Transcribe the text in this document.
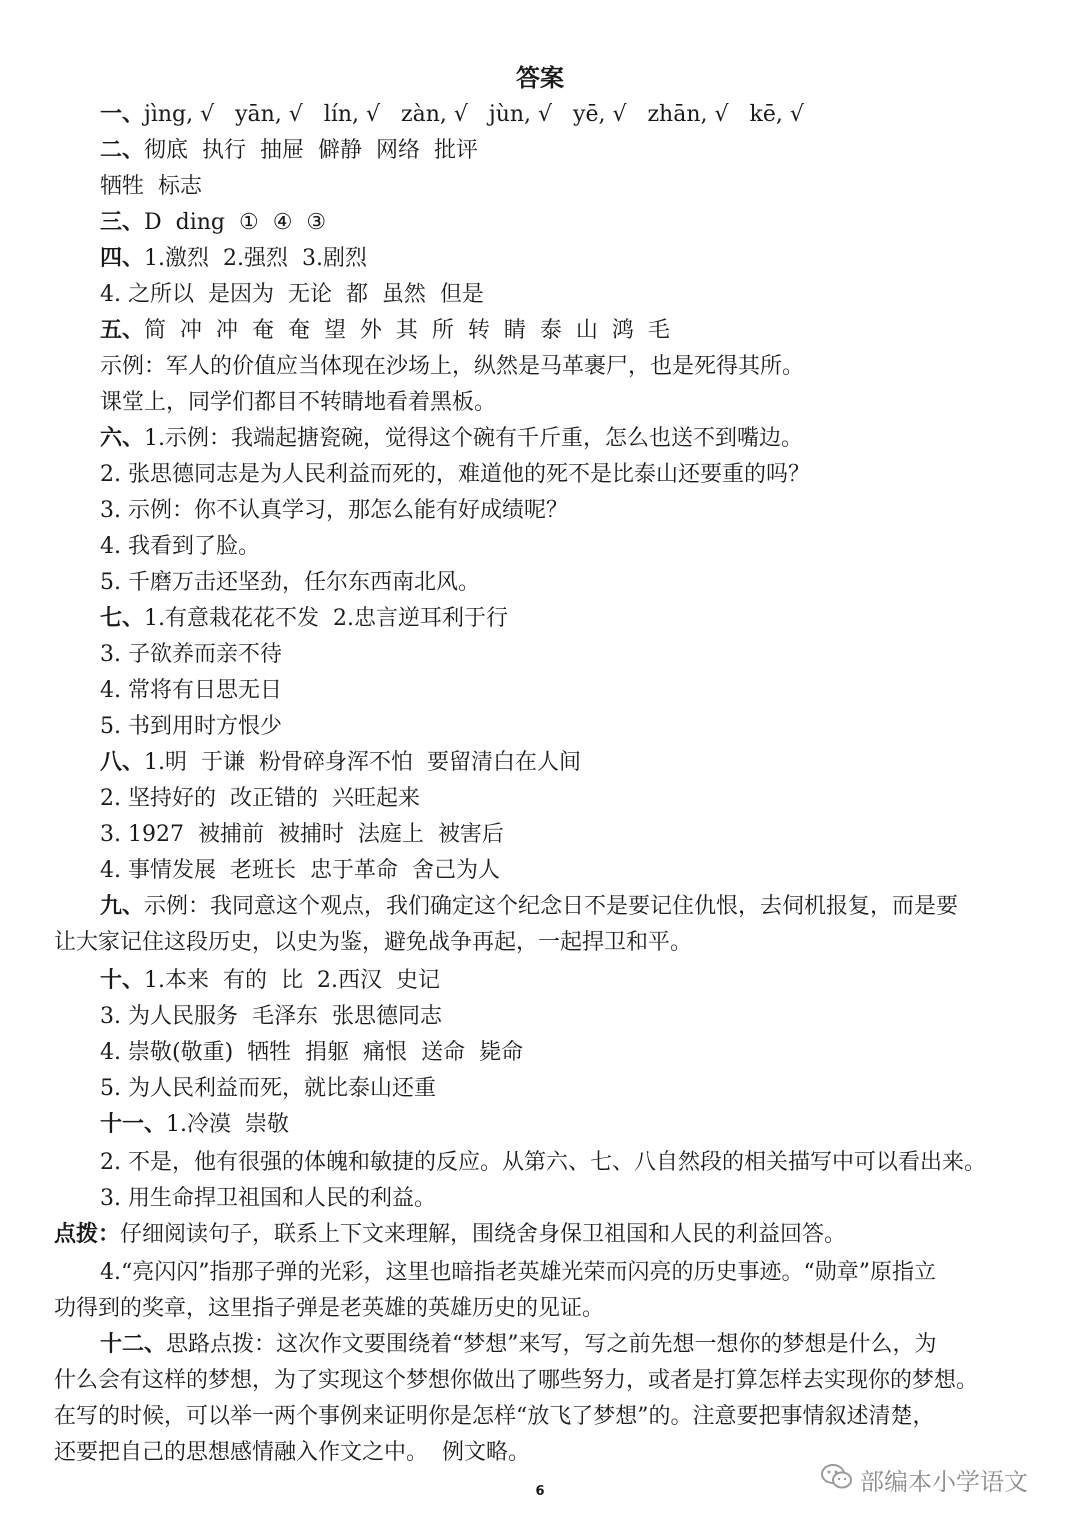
答案
一、jìng, √   yān, √   lín, √   zàn, √   jùn, √   yē, √   zhān, √   kē, √
二、彻底  执行  抽屉  僻静  网络  批评
牺牲  标志
三、D  ding  ①  ④  ③
四、1.激烈  2.强烈  3.剧烈
4. 之所以  是因为  无论  都  虽然  但是
五、简  冲  冲  奄  奄  望  外  其  所  转  睛  泰  山  鸿  毛
示例：军人的价值应当体现在沙场上，纵然是马革裹尸，也是死得其所。
课堂上，同学们都目不转睛地看着黑板。
六、1.示例：我端起搪瓷碗，觉得这个碗有千斤重，怎么也送不到嘴边。
2. 张思德同志是为人民利益而死的，难道他的死不是比泰山还要重的吗？
3. 示例：你不认真学习，那怎么能有好成绩呢？
4. 我看到了脸。
5. 千磨万击还坚劲，任尔东西南北风。
七、1.有意栽花花不发  2.忠言逆耳利于行
3. 子欲养而亲不待
4. 常将有日思无日
5. 书到用时方恨少
八、1.明  于谦  粉骨碎身浑不怕  要留清白在人间
2. 坚持好的  改正错的  兴旺起来
3. 1927  被捕前  被捕时  法庭上  被害后
4. 事情发展  老班长  忠于革命  舍己为人
九、示例：我同意这个观点，我们确定这个纪念日不是要记住仇恨，去伺机报复，而是要
让大家记住这段历史，以史为鉴，避免战争再起，一起捍卫和平。
十、1.本来  有的  比  2.西汉  史记
3. 为人民服务  毛泽东  张思德同志
4. 崇敬(敬重)  牺牲  捐躯  痛恨  送命  毙命
5. 为人民利益而死，就比泰山还重
十一、1.冷漠  崇敬
2. 不是，他有很强的体魄和敏捷的反应。从第六、七、八自然段的相关描写中可以看出来。
3. 用生命捍卫祖国和人民的利益。
点拨：仔细阅读句子，联系上下文来理解，围绕舍身保卫祖国和人民的利益回答。
4.“亮闪闪”指那子弹的光彩，这里也暗指老英雄光荣而闪亮的历史事迹。“勋章”原指立
功得到的奖章，这里指子弹是老英雄的英雄历史的见证。
十二、思路点拨：这次作文要围绕着“梦想”来写，写之前先想一想你的梦想是什么，为
什么会有这样的梦想，为了实现这个梦想你做出了哪些努力，或者是打算怎样去实现你的梦想。
在写的时候，可以举一两个事例来证明你是怎样“放飞了梦想”的。注意要把事情叙述清楚，
还要把自己的思想感情融入作文之中。  例文略。
6	部编本小学语文
